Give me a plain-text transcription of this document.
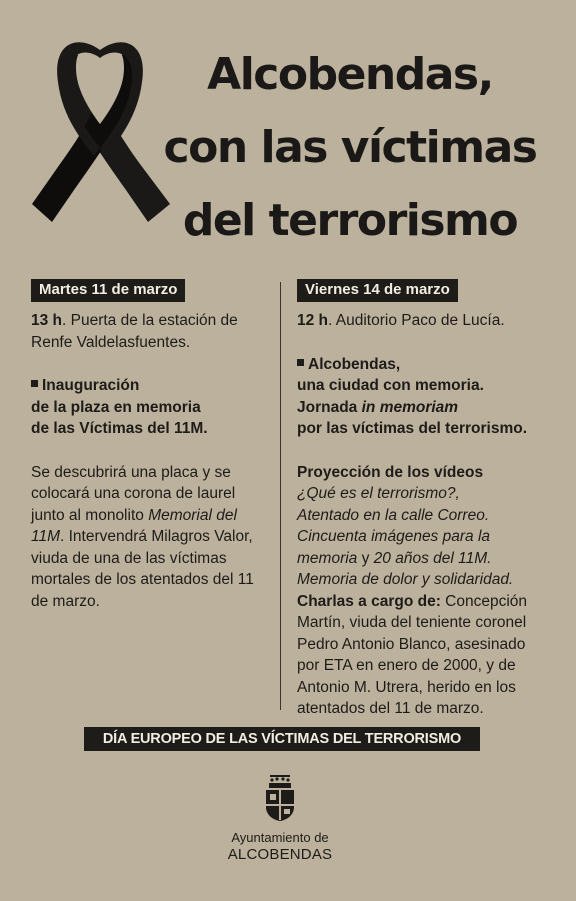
Alcobendas,
con las víctimas
del terrorismo
Martes 11 de marzo

13 h. Puerta de la estación de Renfe Valdelasfuentes.

Inauguración
de la plaza en memoria
de las Víctimas del 11M.

Se descubrirá una placa y se colocará una corona de laurel junto al monolito Memorial del 11M. Intervendrá Milagros Valor, viuda de una de las víctimas mortales de los atentados del 11 de marzo.

Viernes 14 de marzo

12 h. Auditorio Paco de Lucía.

Alcobendas,
una ciudad con memoria.
Jornada in memoriam
por las víctimas del terrorismo.

Proyección de los vídeos
¿Qué es el terrorismo?,
Atentado en la calle Correo.
Cincuenta imágenes para la
memoria y 20 años del 11M.
Memoria de dolor y solidaridad.

Charlas a cargo de: Concepción Martín, viuda del teniente coronel Pedro Antonio Blanco, asesinado por ETA en enero de 2000, y de Antonio M. Utrera, herido en los atentados del 11 de marzo.

DÍA EUROPEO DE LAS VÍCTIMAS DEL TERRORISMO
Ayuntamiento de
ALCOBENDAS
